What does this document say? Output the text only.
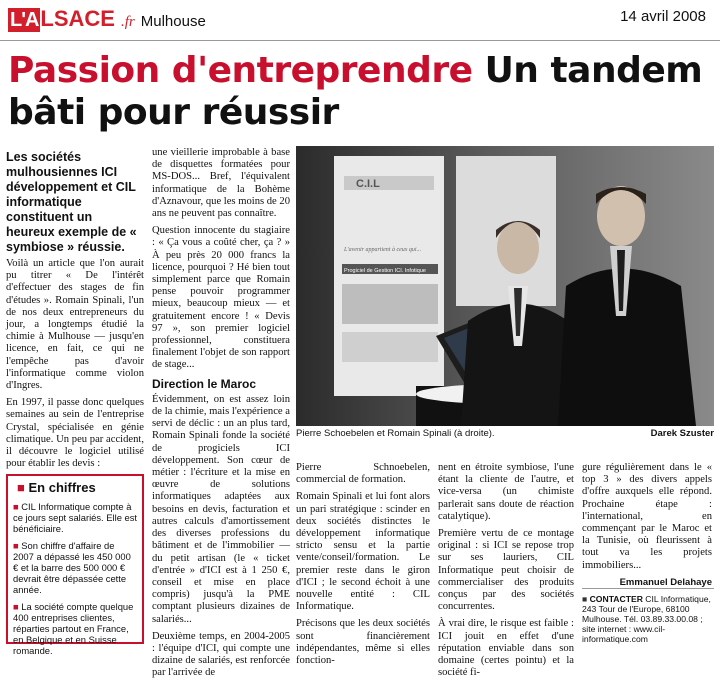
L'A LSACE .fr Mulhouse	14 avril 2008
Passion d'entreprendre Un tandem bâti pour réussir
Les sociétés mulhousiennes ICI développement et CIL informatique constituent un heureux exemple de « symbiose » réussie.

Voilà un article que l'on aurait pu titrer « De l'intérêt d'effectuer des stages de fin d'études ». Romain Spinali, l'un de nos deux entrepreneurs du jour, a longtemps étudié la chimie à Mulhouse — jusqu'en licence, en fait, ce qui ne l'empêche pas d'avoir l'informatique comme violon d'Ingres.

En 1997, il passe donc quelques semaines au sein de l'entreprise Crystal, spécialisée en génie climatique. Un peu par accident, il découvre le logiciel utilisé pour établir les devis :

une vieillerie improbable à base de disquettes formatées pour MS-DOS... Bref, l'équivalent informatique de la Bohème d'Aznavour, que les moins de 20 ans ne peuvent pas connaître.

Question innocente du stagiaire : « Ça vous a coûté cher, ça ? » À peu près 20 000 francs la licence, pourquoi ? Hé bien tout simplement parce que Romain pense pouvoir programmer mieux, beaucoup mieux — et gratuitement encore ! « Devis 97 », son premier logiciel professionnel, constituera finalement l'objet de son rapport de stage...

Direction le Maroc

Évidemment, on est assez loin de la chimie, mais l'expérience a servi de déclic : un an plus tard, Romain Spinali fonde la société de progiciels ICI développement. Son cœur de métier : l'écriture et la mise en œuvre de solutions informatiques adaptées aux besoins en devis, facturation et autres calculs d'amortissement des diverses professions du bâtiment et de l'immobilier — du petit artisan (le « ticket d'entrée » d'ICI est à 1 250 €, conseil et mise en place compris) jusqu'à la PME comptant plusieurs dizaines de salariés...

Deuxième temps, en 2004-2005 : l'équipe d'ICI, qui compte une dizaine de salariés, est renforcée par l'arrivée de

C.I.L
Progiciel de Gestion ICI. Infotique
L'avenir appartient à ceux qui...
Pierre Schoebelen et Romain Spinali (à droite).	Darek Szuster

Pierre Schnoebelen, commercial de formation.

Romain Spinali et lui font alors un pari stratégique : scinder en deux sociétés distinctes le développement informatique stricto sensu et la partie vente/conseil/formation. Le premier reste dans le giron d'ICI ; le second échoit à une nouvelle entité : CIL Informatique.

Précisons que les deux sociétés sont financièrement indépendantes, même si elles fonction-

nent en étroite symbiose, l'une étant la cliente de l'autre, et vice-versa (un chimiste parlerait sans doute de réaction catalytique).

Première vertu de ce montage original : si ICI se repose trop sur ses lauriers, CIL Informatique peut choisir de commercialiser des produits conçus par des sociétés concurrentes.

À vrai dire, le risque est faible : ICI jouit en effet d'une réputation enviable dans son domaine (certes pointu) et la société fi-

gure régulièrement dans le « top 3 » des divers appels d'offre auxquels elle répond. Prochaine étape : l'international, en commençant par le Maroc et la Tunisie, où fleurissent à tout va les projets immobiliers...

Emmanuel Delahaye
■ CONTACTER CIL Informatique, 243 Tour de l'Europe, 68100 Mulhouse. Tél. 03.89.33.00.08 ; site internet : www.cil-informatique.com
■ En chiffres
■ CIL Informatique compte à ce jours sept salariés. Elle est bénéficiaire.
■ Son chiffre d'affaire de 2007 a dépassé les 450 000 € et la barre des 500 000 € devrait être dépassée cette année.
■ La société compte quelque 400 entreprises clientes, réparties partout en France, en Belgique et en Suisse romande.
